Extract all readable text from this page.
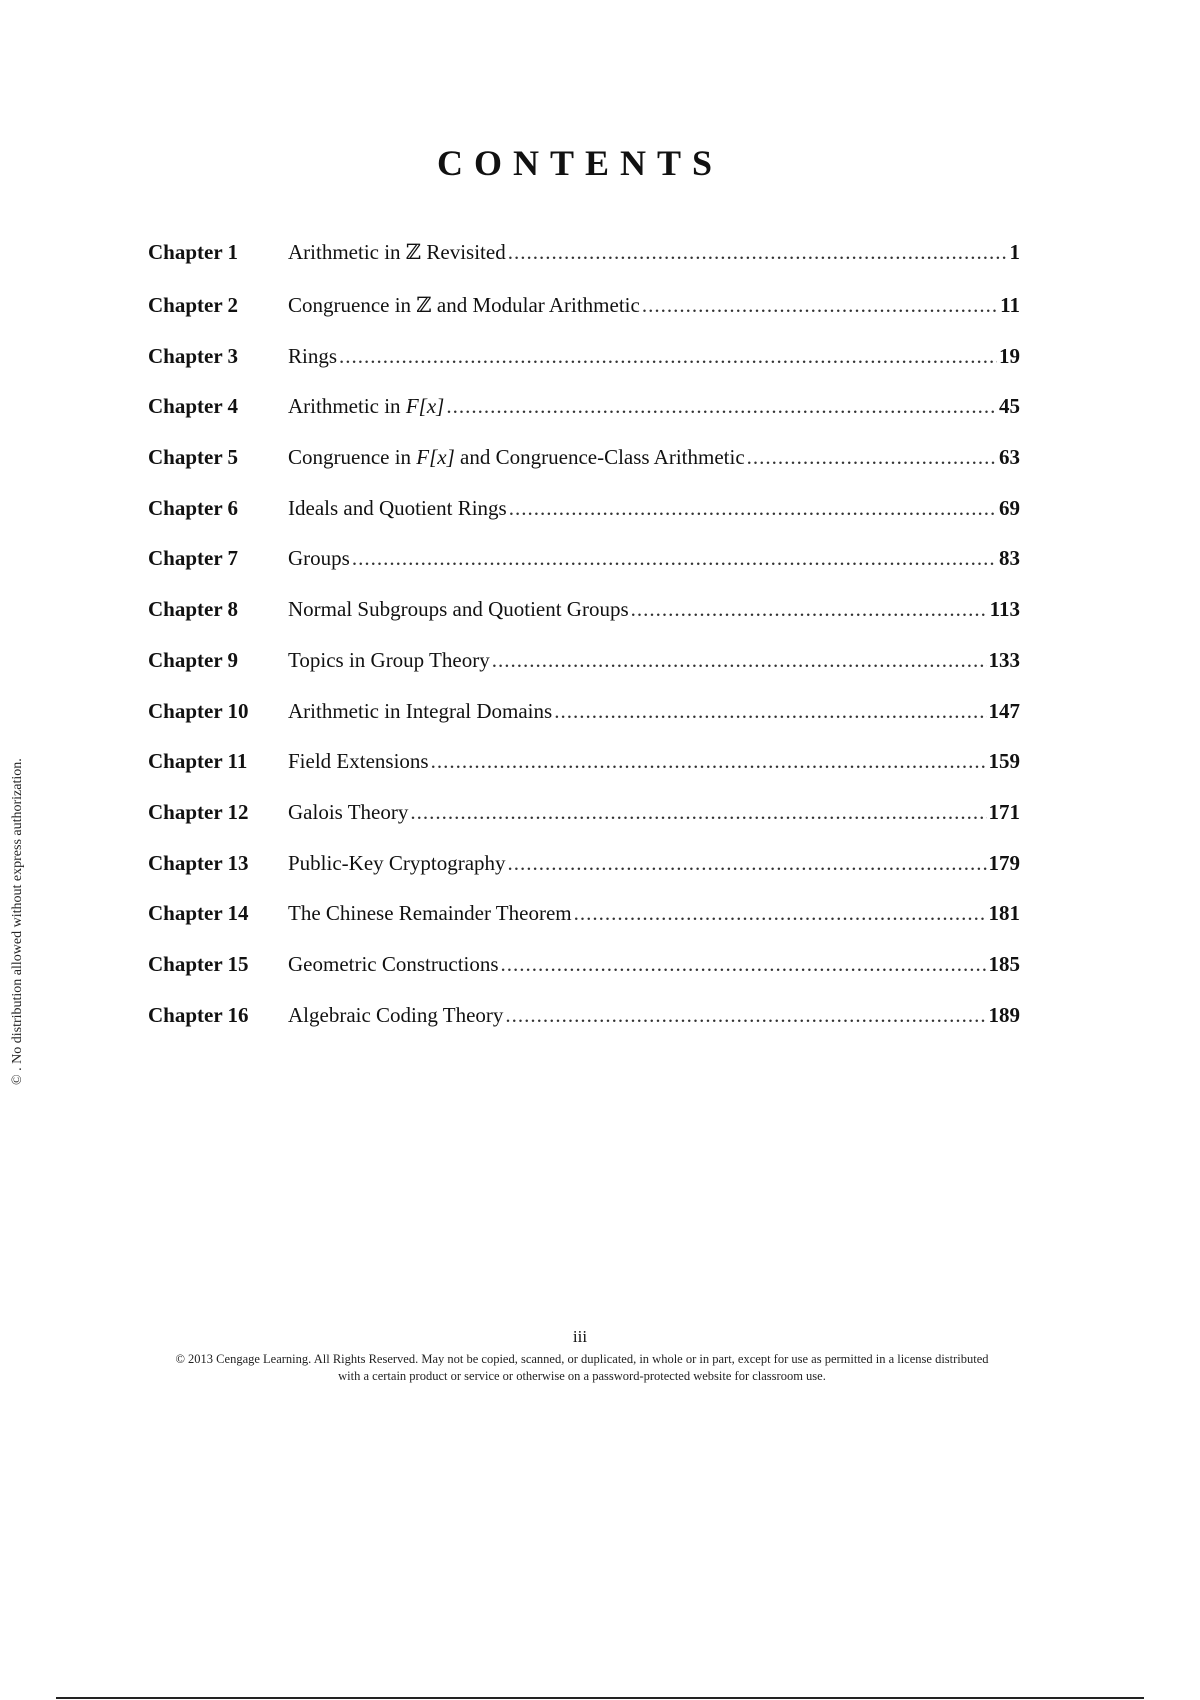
© . No distribution allowed without express authorization.
CONTENTS
Chapter 1	Arithmetic in ℤ Revisited .....	1
Chapter 2	Congruence in ℤ and Modular Arithmetic .....	11
Chapter 3	Rings .....	19
Chapter 4	Arithmetic in F[x] .....	45
Chapter 5	Congruence in F[x] and Congruence-Class Arithmetic .....	63
Chapter 6	Ideals and Quotient Rings .....	69
Chapter 7	Groups .....	83
Chapter 8	Normal Subgroups and Quotient Groups .....	113
Chapter 9	Topics in Group Theory .....	133
Chapter 10	Arithmetic in Integral Domains .....	147
Chapter 11	Field Extensions .....	159
Chapter 12	Galois Theory .....	171
Chapter 13	Public-Key Cryptography .....	179
Chapter 14	The Chinese Remainder Theorem .....	181
Chapter 15	Geometric Constructions .....	185
Chapter 16	Algebraic Coding Theory .....	189
iii
© 2013 Cengage Learning. All Rights Reserved. May not be copied, scanned, or duplicated, in whole or in part, except for use as permitted in a license distributed
with a certain product or service or otherwise on a password-protected website for classroom use.
